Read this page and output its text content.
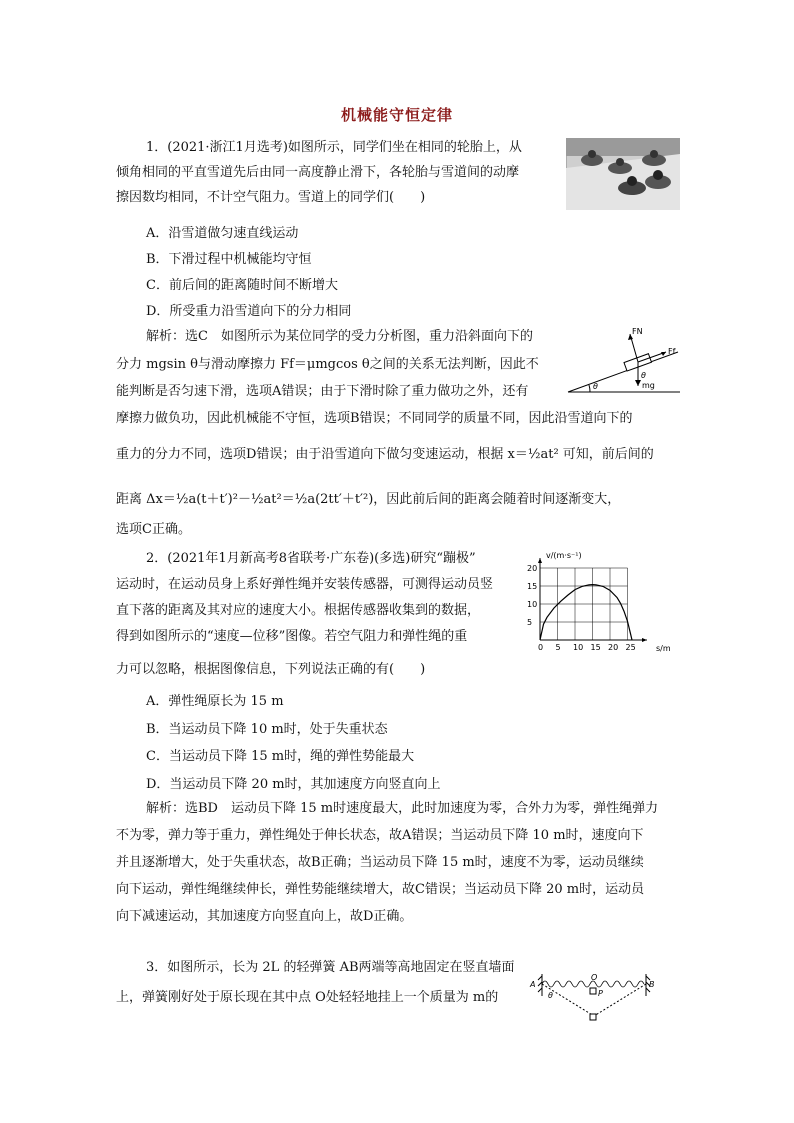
机械能守恒定律
1．(2021·浙江1月选考)如图所示，同学们坐在相同的轮胎上，从
倾角相同的平直雪道先后由同一高度静止滑下，各轮胎与雪道间的动摩
擦因数均相同，不计空气阻力。雪道上的同学们(　　)
A．沿雪道做匀速直线运动
B．下滑过程中机械能均守恒
C．前后间的距离随时间不断增大
D．所受重力沿雪道向下的分力相同
解析：选C　如图所示为某位同学的受力分析图，重力沿斜面向下的
分力 mgsin θ与滑动摩擦力 Ff＝μmgcos θ之间的关系无法判断，因此不
能判断是否匀速下滑，选项A错误；由于下滑时除了重力做功之外，还有
摩擦力做负功，因此机械能不守恒，选项B错误；不同同学的质量不同，因此沿雪道向下的
重力的分力不同，选项D错误；由于沿雪道向下做匀变速运动，根据 x＝½at² 可知，前后间的
距离 Δx＝½a(t＋t′)²－½at²＝½a(2tt′＋t′²)，因此前后间的距离会随着时间逐渐变大，
选项C正确。
FN
Ff
mg
θ
θ
2．(2021年1月新高考8省联考·广东卷)(多选)研究“蹦极”
运动时，在运动员身上系好弹性绳并安装传感器，可测得运动员竖
直下落的距离及其对应的速度大小。根据传感器收集到的数据，
得到如图所示的“速度—位移”图像。若空气阻力和弹性绳的重
力可以忽略，根据图像信息，下列说法正确的有(　　)
0 5 10 15 20 25
5
10
15
20
v/(m·s⁻¹)
s/m
A．弹性绳原长为 15 m
B．当运动员下降 10 m时，处于失重状态
C．当运动员下降 15 m时，绳的弹性势能最大
D．当运动员下降 20 m时，其加速度方向竖直向上
解析：选BD　运动员下降 15 m时速度最大，此时加速度为零，合外力为零，弹性绳弹力
不为零，弹力等于重力，弹性绳处于伸长状态，故A错误；当运动员下降 10 m时，速度向下
并且逐渐增大，处于失重状态，故B正确；当运动员下降 15 m时，速度不为零，运动员继续
向下运动，弹性绳继续伸长，弹性势能继续增大，故C错误；当运动员下降 20 m时，运动员
向下减速运动，其加速度方向竖直向上，故D正确。
3．如图所示，长为 2L 的轻弹簧 AB两端等高地固定在竖直墙面
上，弹簧刚好处于原长现在其中点 O处轻轻地挂上一个质量为 m的
A	B
O
P
θ
